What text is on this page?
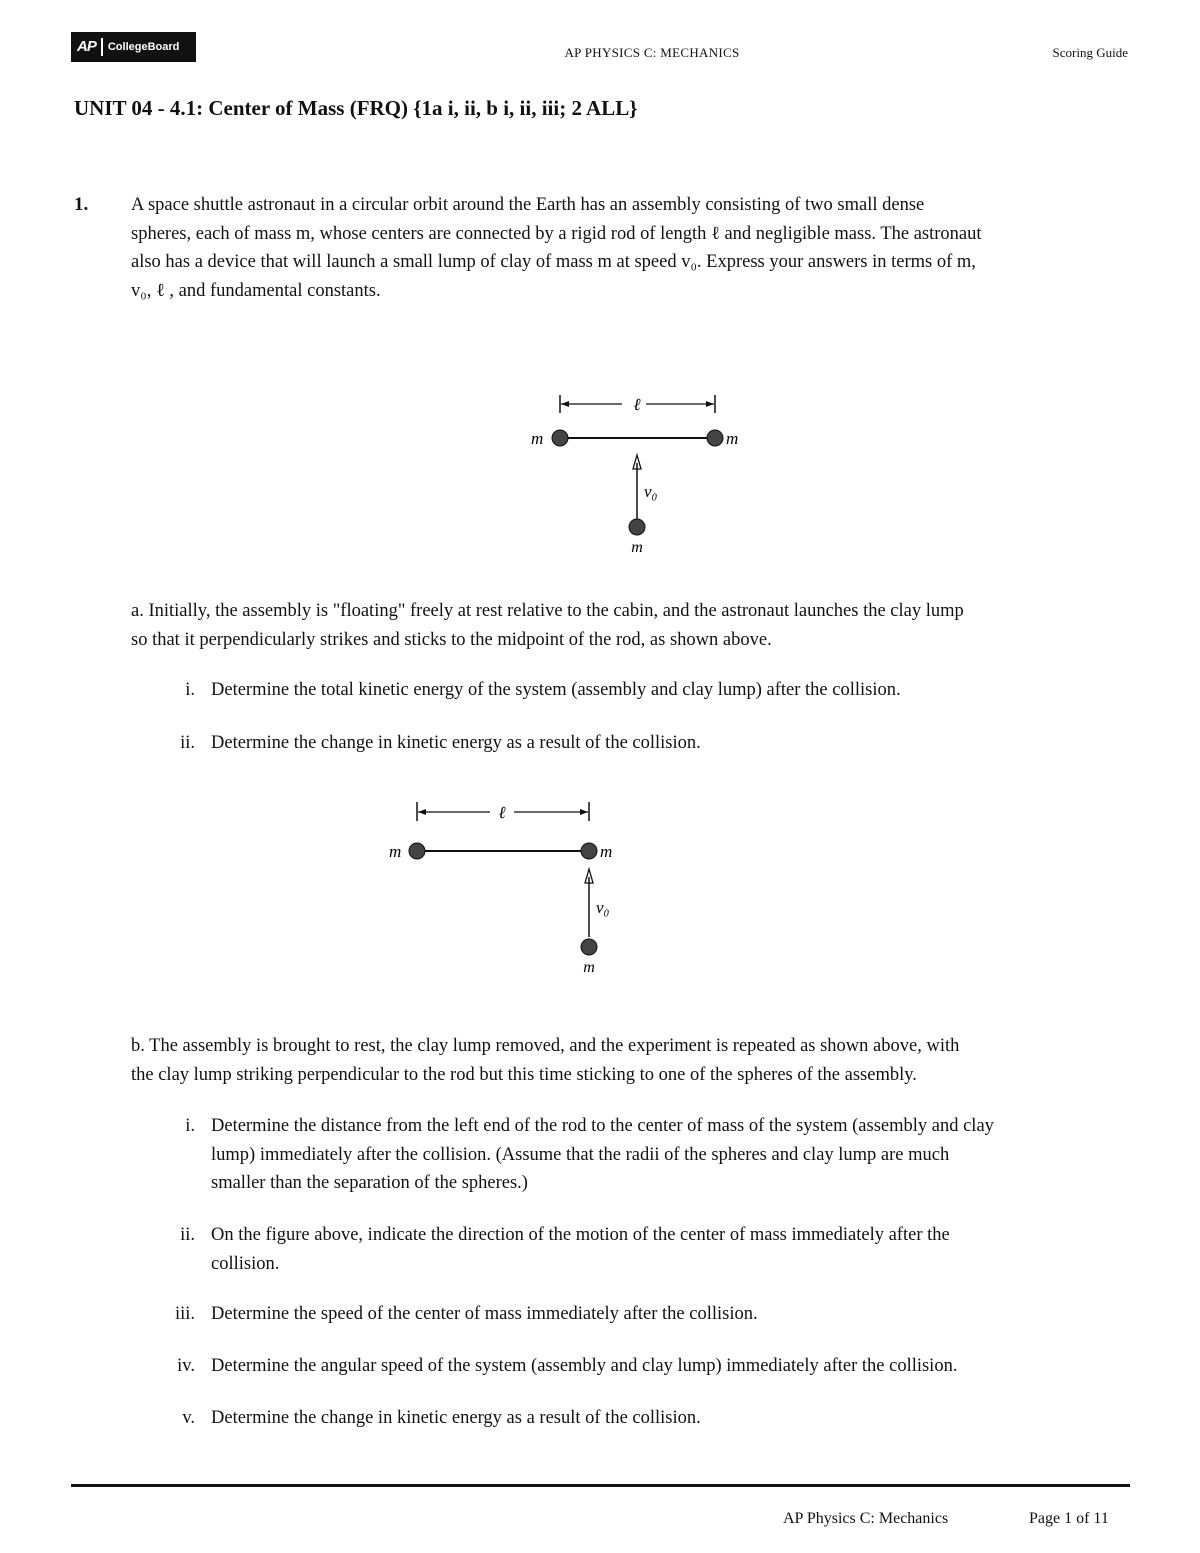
AP	CollegeBoard	AP PHYSICS C: MECHANICS	Scoring Guide
UNIT 04 - 4.1: Center of Mass (FRQ) {1a i, ii, b i, ii, iii; 2 ALL}
1. A space shuttle astronaut in a circular orbit around the Earth has an assembly consisting of two small dense
spheres, each of mass m, whose centers are connected by a rigid rod of length ℓ and negligible mass. The astronaut
also has a device that will launch a small lump of clay of mass m at speed v₀. Express your answers in terms of m,
v₀, ℓ , and fundamental constants.
ℓ
m	m
v₀
m
a. Initially, the assembly is "floating" freely at rest relative to the cabin, and the astronaut launches the clay lump
so that it perpendicularly strikes and sticks to the midpoint of the rod, as shown above.
i. Determine the total kinetic energy of the system (assembly and clay lump) after the collision.
ii. Determine the change in kinetic energy as a result of the collision.
ℓ
m	m
v₀
m
b. The assembly is brought to rest, the clay lump removed, and the experiment is repeated as shown above, with
the clay lump striking perpendicular to the rod but this time sticking to one of the spheres of the assembly.
i. Determine the distance from the left end of the rod to the center of mass of the system (assembly and clay
lump) immediately after the collision. (Assume that the radii of the spheres and clay lump are much
smaller than the separation of the spheres.)
ii. On the figure above, indicate the direction of the motion of the center of mass immediately after the
collision.
iii. Determine the speed of the center of mass immediately after the collision.
iv. Determine the angular speed of the system (assembly and clay lump) immediately after the collision.
v. Determine the change in kinetic energy as a result of the collision.
AP Physics C: Mechanics	Page 1 of 11
